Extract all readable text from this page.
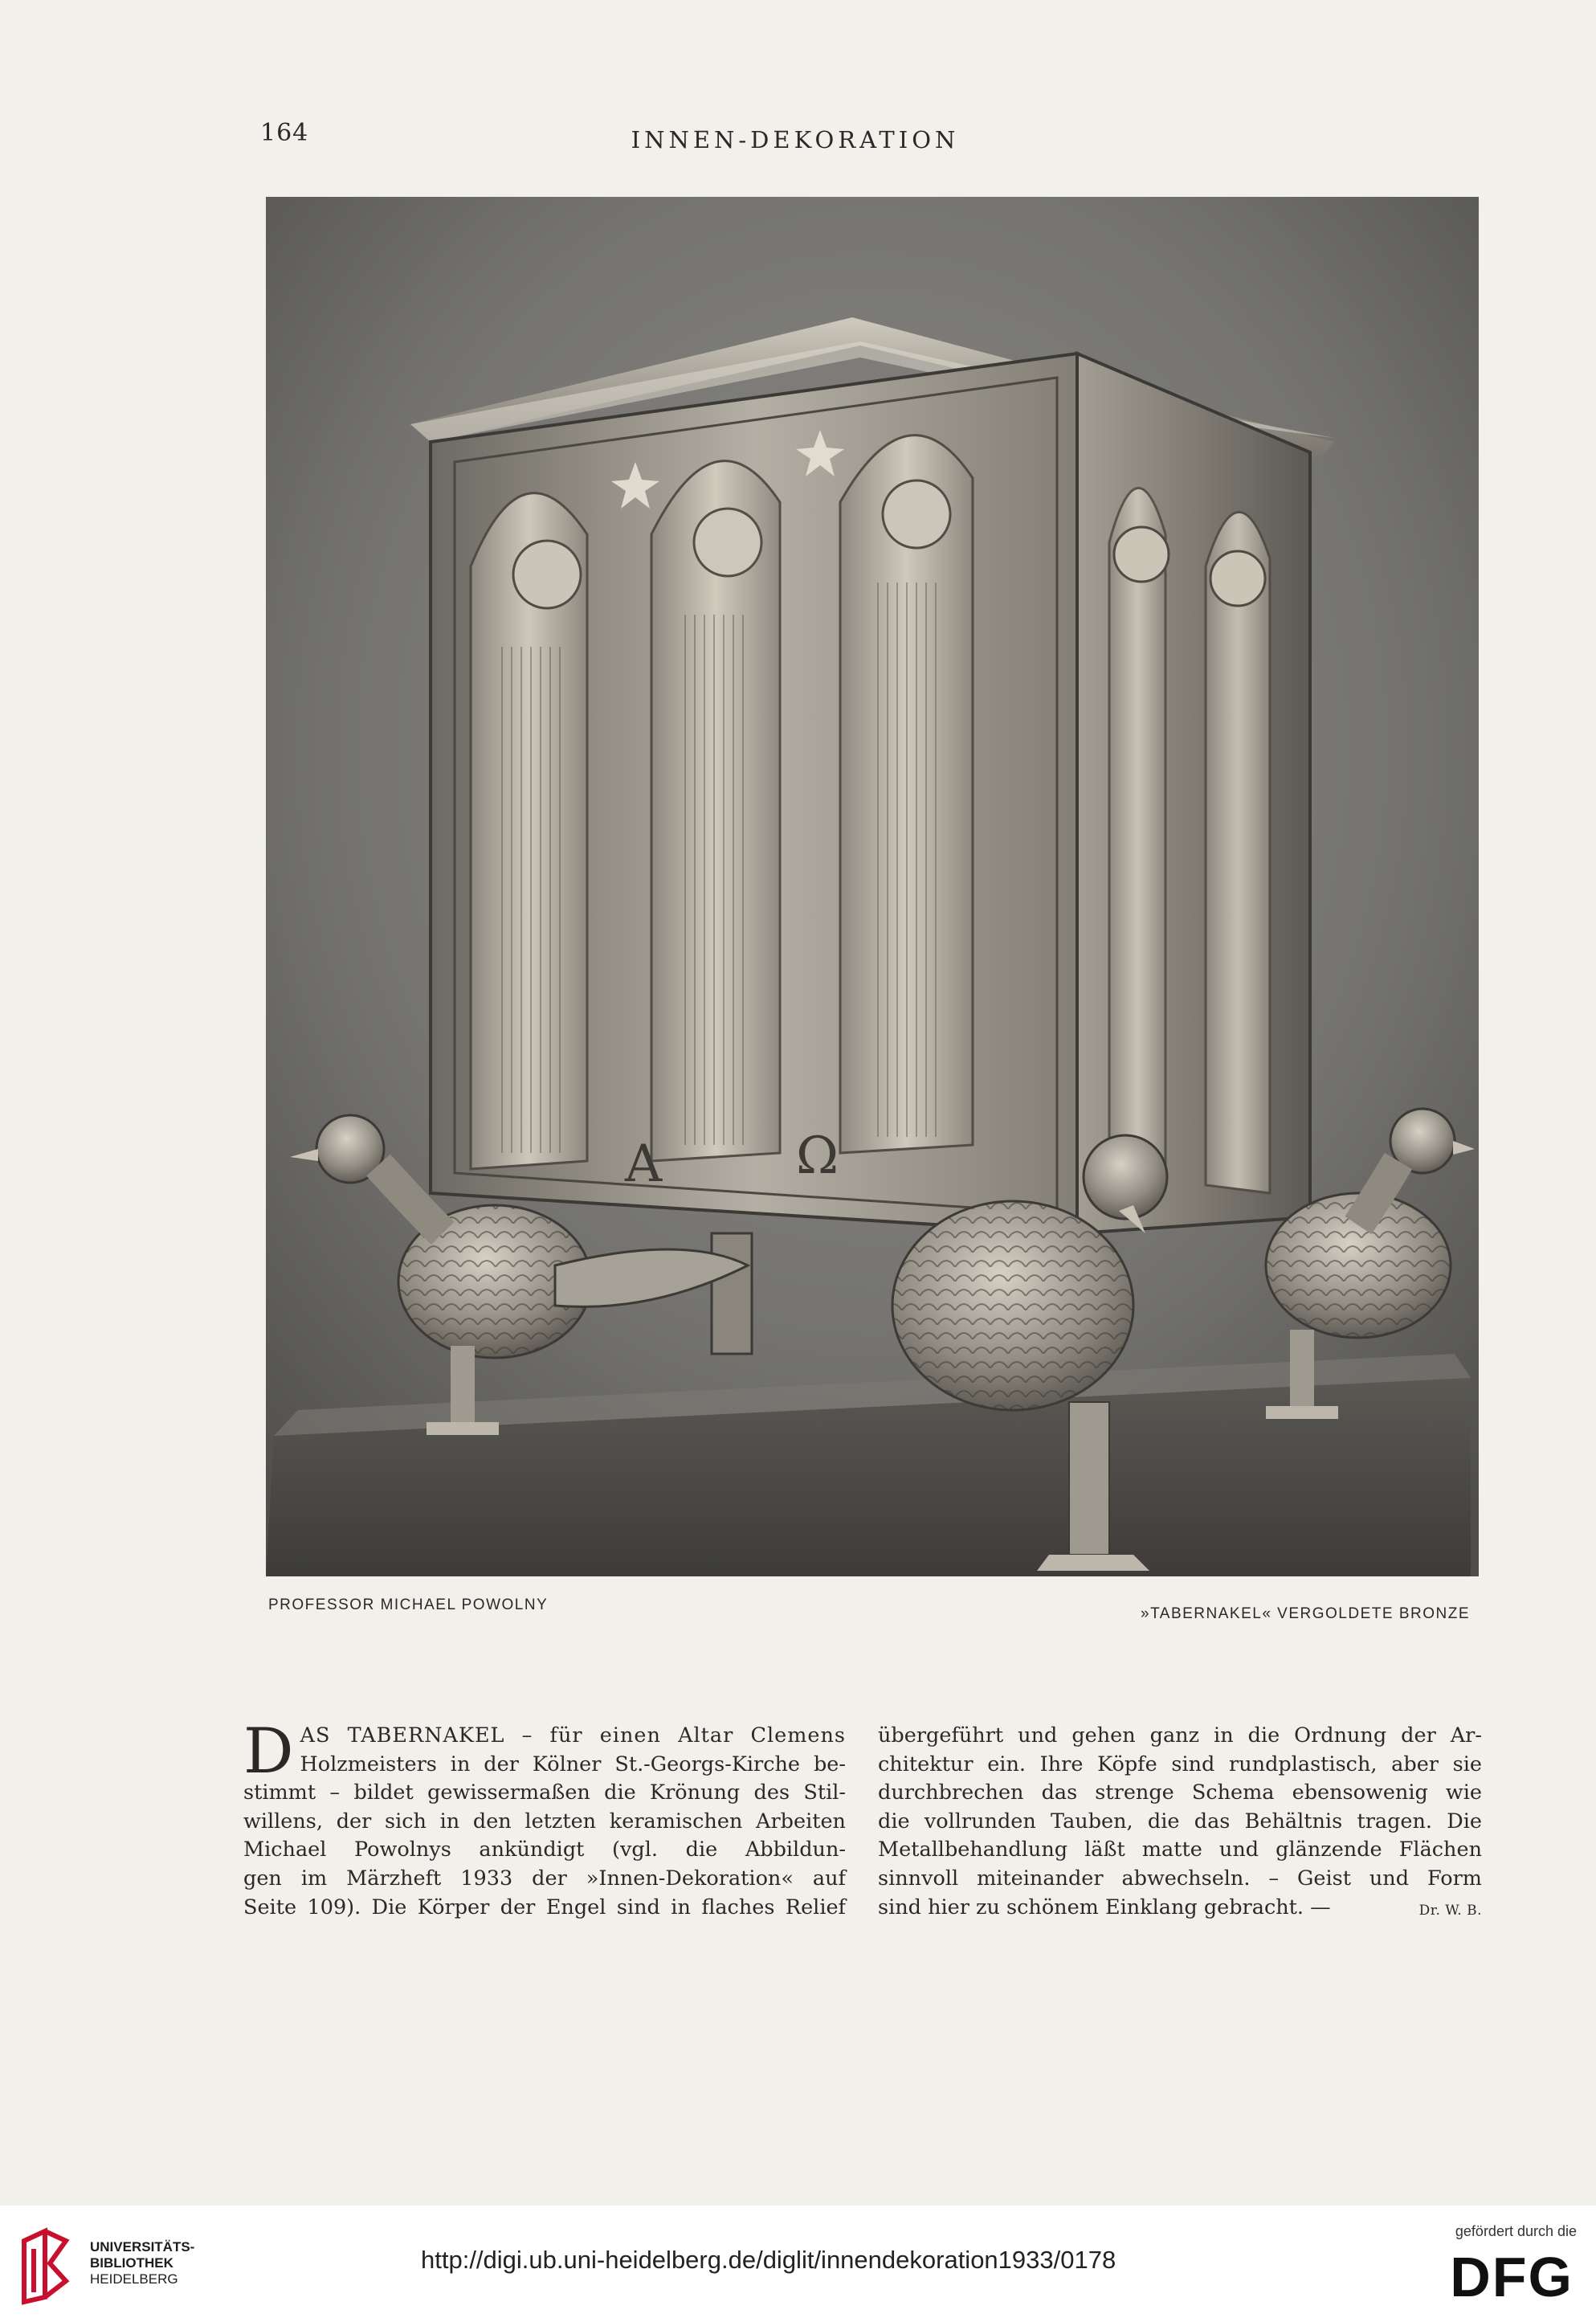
164	INNEN-DEKORATION
A	Ω
PROFESSOR MICHAEL POWOLNY
»TABERNAKEL« VERGOLDETE BRONZE
D AS TABERNAKEL – für einen Altar Clemens
Holzmeisters in der Kölner St.-Georgs-Kirche be-
stimmt – bildet gewissermaßen die Krönung des Stil-
willens, der sich in den letzten keramischen Arbeiten
Michael Powolnys ankündigt (vgl. die Abbildun-
gen im Märzheft 1933 der »Innen-Dekoration« auf
Seite 109). Die Körper der Engel sind in flaches Relief
übergeführt und gehen ganz in die Ordnung der Ar-
chitektur ein. Ihre Köpfe sind rundplastisch, aber sie
durchbrechen das strenge Schema ebensowenig wie
die vollrunden Tauben, die das Behältnis tragen. Die
Metallbehandlung läßt matte und glänzende Flächen
sinnvoll miteinander abwechseln. – Geist und Form
sind hier zu schönem Einklang gebracht. —	Dr. W. B.
UNIVERSITÄTS-
BIBLIOTHEK
HEIDELBERG
http://digi.ub.uni-heidelberg.de/diglit/innendekoration1933/0178
gefördert durch die
DFG
